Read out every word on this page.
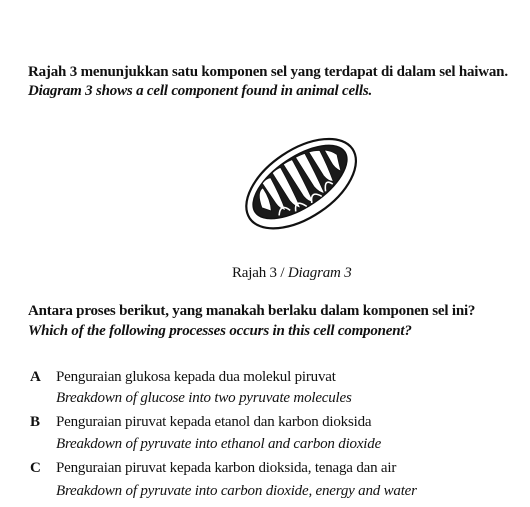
Rajah 3 menunjukkan satu komponen sel yang terdapat di dalam sel haiwan.
Diagram 3 shows a cell component found in animal cells.
Rajah 3 / Diagram 3
Antara proses berikut, yang manakah berlaku dalam komponen sel ini?
Which of the following processes occurs in this cell component?
A Penguraian glukosa kepada dua molekul piruvat
Breakdown of glucose into two pyruvate molecules
B Penguraian piruvat kepada etanol dan karbon dioksida
Breakdown of pyruvate into ethanol and carbon dioxide
C Penguraian piruvat kepada karbon dioksida, tenaga dan air
Breakdown of pyruvate into carbon dioxide, energy and water
